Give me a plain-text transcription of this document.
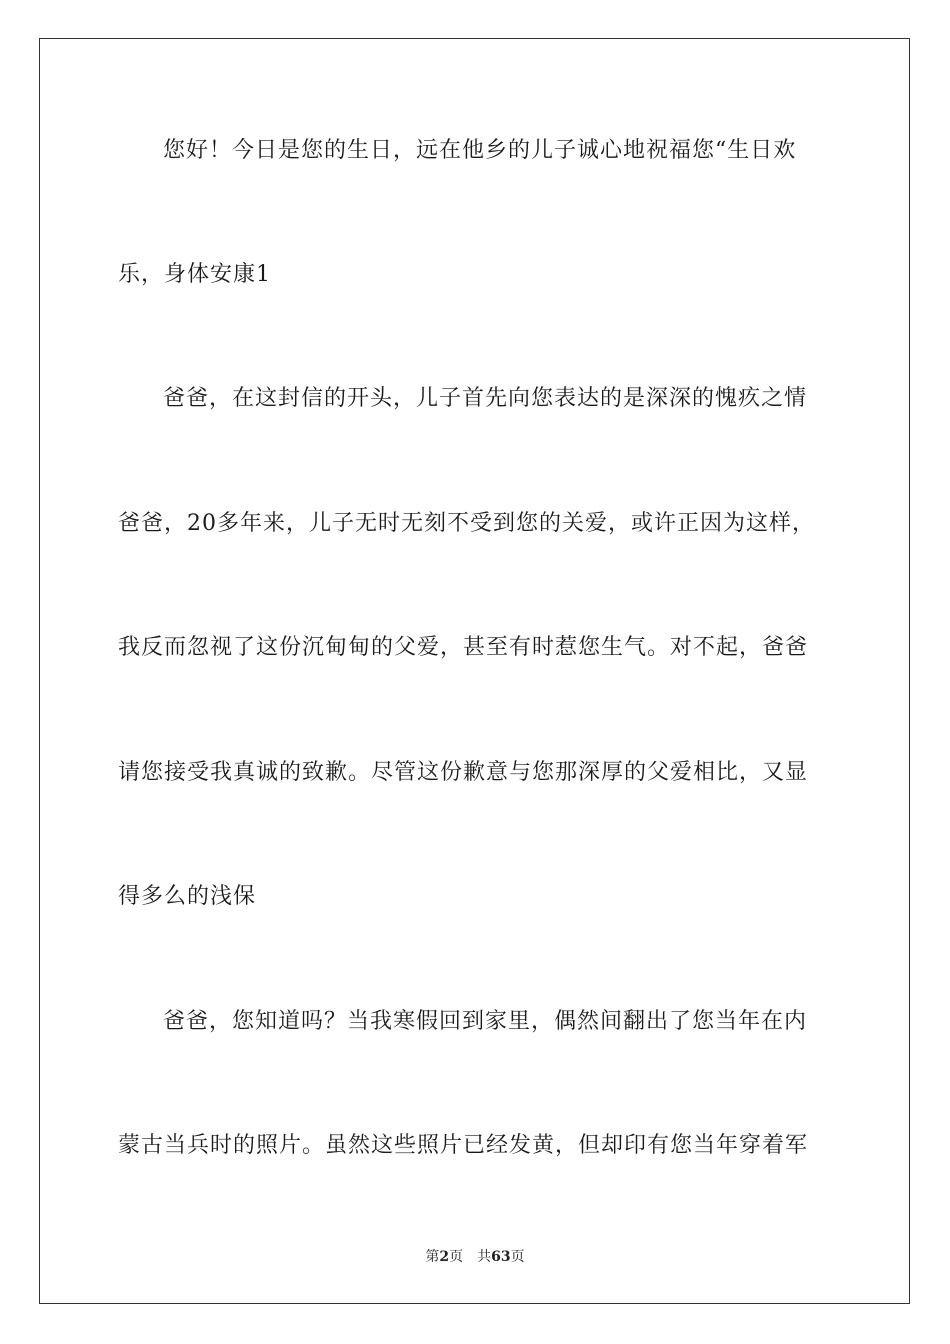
您好！今日是您的生日，远在他乡的儿子诚心地祝福您“生日欢
乐，身体安康1
爸爸，在这封信的开头，儿子首先向您表达的是深深的愧疚之情
爸爸，20多年来，儿子无时无刻不受到您的关爱，或许正因为这样，
我反而忽视了这份沉甸甸的父爱，甚至有时惹您生气。对不起，爸爸
请您接受我真诚的致歉。尽管这份歉意与您那深厚的父爱相比，又显
得多么的浅保
爸爸，您知道吗？当我寒假回到家里，偶然间翻出了您当年在内
蒙古当兵时的照片。虽然这些照片已经发黄，但却印有您当年穿着军
第2页　共63页
